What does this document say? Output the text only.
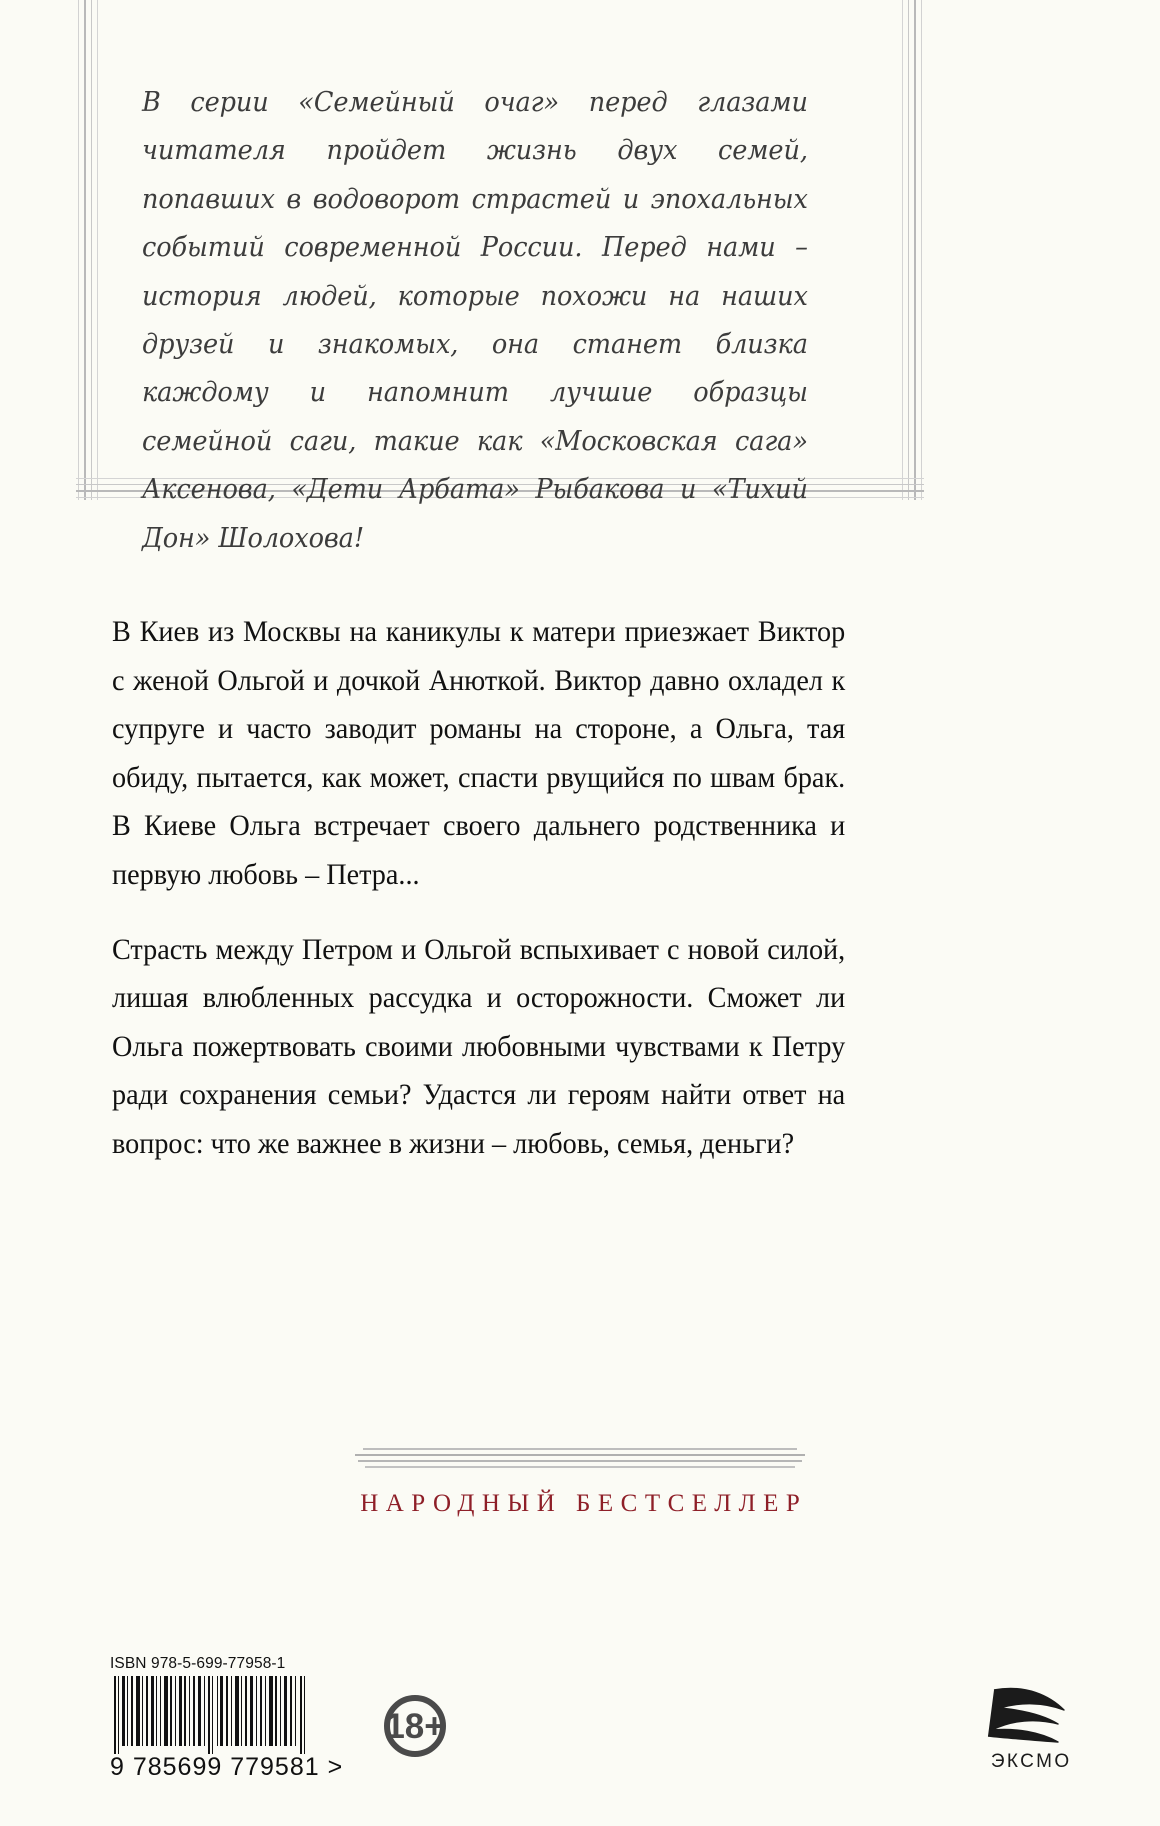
В серии «Семейный очаг» перед глазами читателя пройдет жизнь двух семей, попавших в водоворот страстей и эпохальных событий современной России. Перед нами – история людей, которые похожи на наших друзей и знакомых, она станет близка каждому и напомнит лучшие образцы семейной саги, такие как «Московская сага» Аксенова, «Дети Арбата» Рыбакова и «Тихий Дон» Шолохова!

В Киев из Москвы на каникулы к матери приезжает Виктор с женой Ольгой и дочкой Анюткой. Виктор давно охладел к супруге и часто заводит романы на стороне, а Ольга, тая обиду, пытается, как может, спасти рвущийся по швам брак. В Киеве Ольга встречает своего дальнего родственника и первую любовь – Петра...

Страсть между Петром и Ольгой вспыхивает с новой силой, лишая влюбленных рассудка и осторожности. Сможет ли Ольга пожертвовать своими любовными чувствами к Петру ради сохранения семьи? Удастся ли героям найти ответ на вопрос: что же важнее в жизни – любовь, семья, деньги?

НАРОДНЫЙ БЕСТСЕЛЛЕР
ISBN 978-5-699-77958-1
9 785699 779581 >
18+
ЭКСМО
